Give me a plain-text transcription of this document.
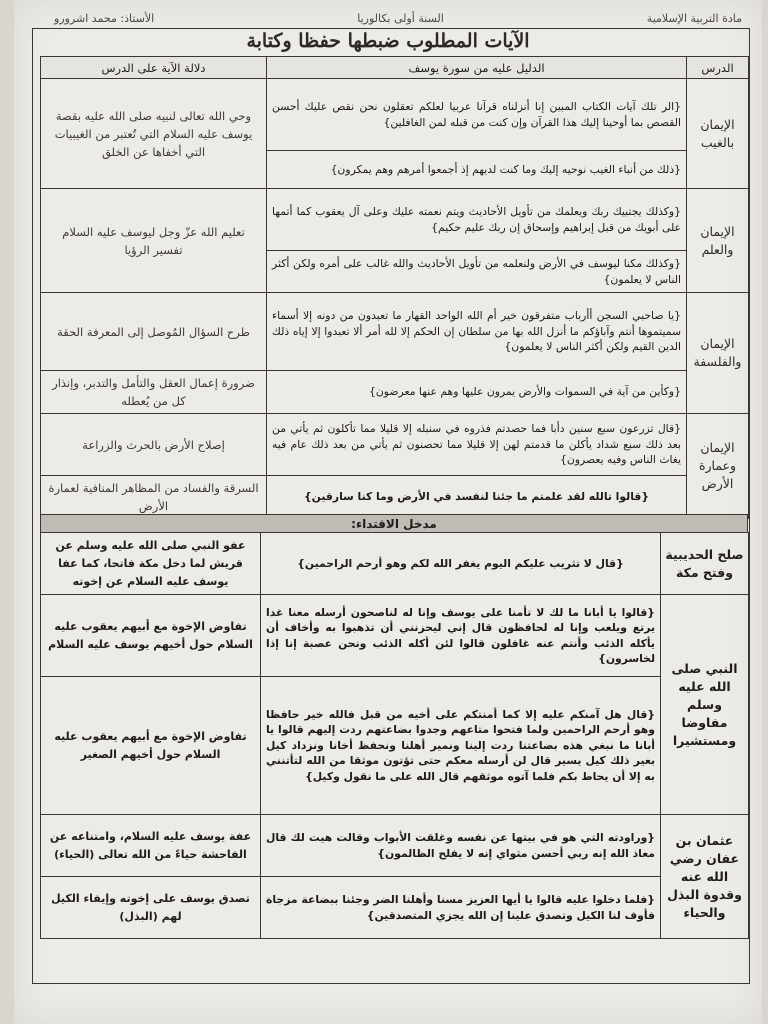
مادة التربية الإسلامية
السنة أولى بكالوريا
الأستاذ: محمد اشرورو
الآيات المطلوب ضبطها حفظا وكتابة
الدرس	الدليل عليه من سورة يوسف	دلالة الآية على الدرس
الإيمان بالغيب	{الر تلك آيات الكتاب المبين إنا أنزلناه قرآنا عربيا لعلكم تعقلون نحن نقص عليك أحسن القصص بما أوحينا إليك هذا القرآن وإن كنت من قبله لمن الغافلين}	وحي الله تعالى لنبيه صلى الله عليه بقصة يوسف عليه السلام التي تُعتبر من الغيبيات التي أخفاها عن الخلق
	{ذلك من أنباء الغيب نوحيه إليك وما كنت لديهم إذ أجمعوا أمرهم وهم يمكرون}	
الإيمان والعلم	{وكذلك يجتبيك ربك ويعلمك من تأويل الأحاديث ويتم نعمته عليك وعلى آل يعقوب كما أتمها على أبويك من قبل إبراهيم وإسحاق إن ربك عليم حكيم}	تعليم الله عزّ وجل ليوسف عليه السلام تفسير الرؤيا
	{وكذلك مكنا ليوسف في الأرض ولنعلمه من تأويل الأحاديث والله غالب على أمره ولكن أكثر الناس لا يعلمون}	
الإيمان والفلسفة	{يا صاحبي السجن أأرباب متفرقون خير أم الله الواحد القهار ما تعبدون من دونه إلا أسماء سميتموها أنتم وآباؤكم ما أنزل الله بها من سلطان إن الحكم إلا لله أمر ألا تعبدوا إلا إياه ذلك الدين القيم ولكن أكثر الناس لا يعلمون}	طرح السؤال المُوصل إلى المعرفة الحقة
	{وكأين من آية في السموات والأرض يمرون عليها وهم عنها معرضون}	ضرورة إعمال العقل والتأمل والتدبر، وإنذار كل من يُعطله
الإيمان وعمارة الأرض	{قال تزرعون سبع سنين دأبا فما حصدتم فذروه في سنبله إلا قليلا مما تأكلون ثم يأتي من بعد ذلك سبع شداد يأكلن ما قدمتم لهن إلا قليلا مما تحصنون ثم يأتي من بعد ذلك عام فيه يغاث الناس وفيه يعصرون}	إصلاح الأرض بالحرث والزراعة
	{قالوا تالله لقد علمتم ما جئنا لنفسد في الأرض وما كنا سارقين}	السرقة والفساد من المظاهر المنافية لعمارة الأرض
مدخل الاقتداء:
صلح الحديبية وفتح مكة	{قال لا تثريب عليكم اليوم يغفر الله لكم وهو أرحم الراحمين}	عفو النبي صلى الله عليه وسلم عن قريش لما دخل مكة فاتحا، كما عفا يوسف عليه السلام عن إخوته
النبي صلى الله عليه وسلم مفاوضا ومستشيرا	{قالوا يا أبانا ما لك لا تأمنا على يوسف وإنا له لناصحون أرسله معنا غدا يرتع ويلعب وإنا له لحافظون قال إني ليحزنني أن تذهبوا به وأخاف أن يأكله الذئب وأنتم عنه غافلون قالوا لئن أكله الذئب ونحن عصبة إنا إذا لخاسرون}	تفاوض الإخوة مع أبيهم يعقوب عليه السلام حول أخيهم يوسف عليه السلام
	{قال هل آمنكم عليه إلا كما أمنتكم على أخيه من قبل فالله خير حافظا وهو أرحم الراحمين ولما فتحوا متاعهم وجدوا بضاعتهم ردت إليهم قالوا يا أبانا ما نبغي هذه بضاعتنا ردت إلينا ونمير أهلنا ونحفظ أخانا ونزداد كيل بعير ذلك كيل يسير قال لن أرسله معكم حتى تؤتون موثقا من الله لتأتنني به إلا أن يحاط بكم فلما آتوه موثقهم قال الله على ما نقول وكيل}	تفاوض الإخوة مع أبيهم يعقوب عليه السلام حول أخيهم الصغير
عثمان بن عفان رضي الله عنه وقدوة البذل والحياء	{وراودته التي هو في بيتها عن نفسه وغلقت الأبواب وقالت هيت لك قال معاذ الله إنه ربي أحسن مثواي إنه لا يفلح الظالمون}	عفة يوسف عليه السلام، وامتناعه عن الفاحشة حياءً من الله تعالى (الحياء)
	{فلما دخلوا عليه قالوا يا أيها العزيز مسنا وأهلنا الضر وجئنا ببضاعة مزجاة فأوف لنا الكيل وتصدق علينا إن الله يجزي المتصدقين}	تصدق يوسف على إخوته وإيفاء الكيل لهم (البذل)
